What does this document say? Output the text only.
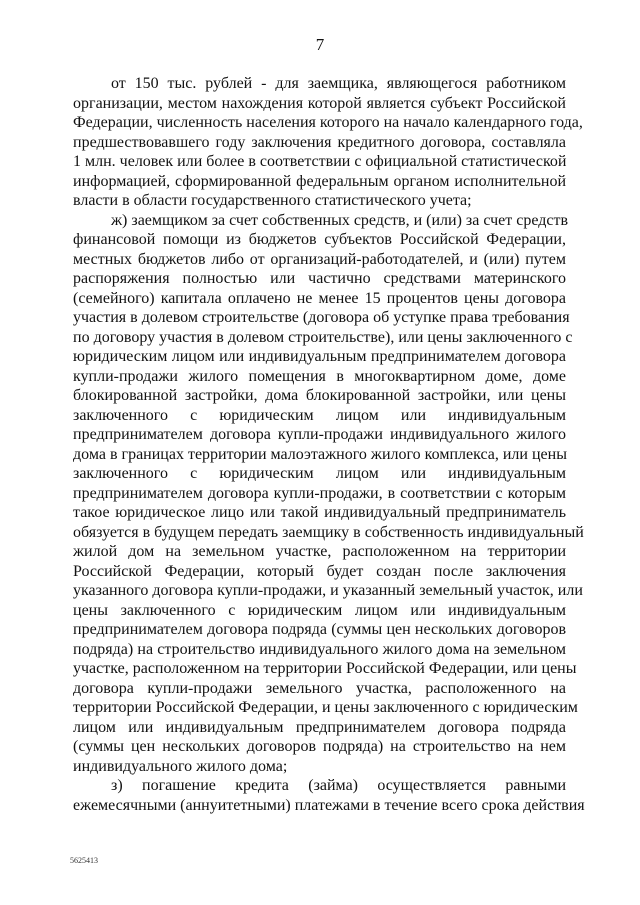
7
от 150 тыс. рублей - для заемщика, являющегося работником
организации, местом нахождения которой является субъект Российской
Федерации, численность населения которого на начало календарного года,
предшествовавшего году заключения кредитного договора, составляла
1 млн. человек или более в соответствии с официальной статистической
информацией, сформированной федеральным органом исполнительной
власти в области государственного статистического учета;
ж) заемщиком за счет собственных средств, и (или) за счет средств
финансовой помощи из бюджетов субъектов Российской Федерации,
местных бюджетов либо от организаций-работодателей, и (или) путем
распоряжения полностью или частично средствами материнского
(семейного) капитала оплачено не менее 15 процентов цены договора
участия в долевом строительстве (договора об уступке права требования
по договору участия в долевом строительстве), или цены заключенного с
юридическим лицом или индивидуальным предпринимателем договора
купли-продажи жилого помещения в многоквартирном доме, доме
блокированной застройки, дома блокированной застройки, или цены
заключенного с юридическим лицом или индивидуальным
предпринимателем договора купли-продажи индивидуального жилого
дома в границах территории малоэтажного жилого комплекса, или цены
заключенного с юридическим лицом или индивидуальным
предпринимателем договора купли-продажи, в соответствии с которым
такое юридическое лицо или такой индивидуальный предприниматель
обязуется в будущем передать заемщику в собственность индивидуальный
жилой дом на земельном участке, расположенном на территории
Российской Федерации, который будет создан после заключения
указанного договора купли-продажи, и указанный земельный участок, или
цены заключенного с юридическим лицом или индивидуальным
предпринимателем договора подряда (суммы цен нескольких договоров
подряда) на строительство индивидуального жилого дома на земельном
участке, расположенном на территории Российской Федерации, или цены
договора купли-продажи земельного участка, расположенного на
территории Российской Федерации, и цены заключенного с юридическим
лицом или индивидуальным предпринимателем договора подряда
(суммы цен нескольких договоров подряда) на строительство на нем
индивидуального жилого дома;
з) погашение кредита (займа) осуществляется равными
ежемесячными (аннуитетными) платежами в течение всего срока действия
5625413
